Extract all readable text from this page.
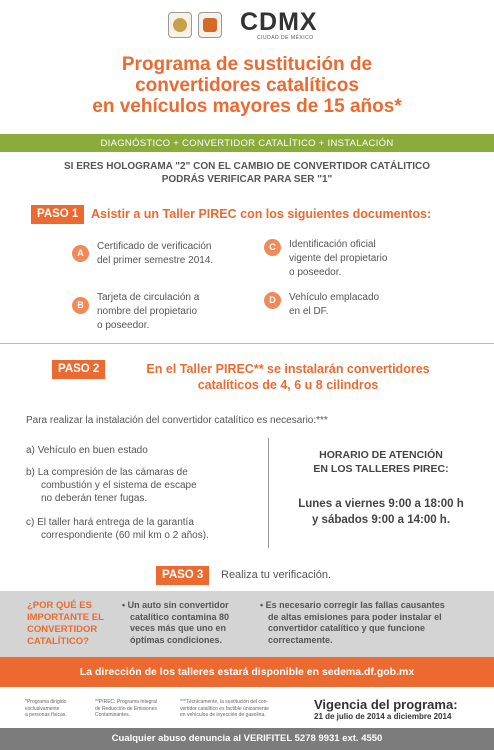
CDMX
CIUDAD DE MÉXICO
Programa de sustitución de
convertidores catalíticos
en vehículos mayores de 15 años*
DIAGNÓSTICO + CONVERTIDOR CATALÍTICO + INSTALACIÓN
SI ERES HOLOGRAMA "2" CON EL CAMBIO DE CONVERTIDOR CATÁLITICO
PODRÁS VERIFICAR PARA SER "1"
PASO 1	Asistir a un Taller PIREC con los siguientes documentos:
A
Certificado de verificación
del primer semestre 2014.
B
Tarjeta de circulación a
nombre del propietario
o poseedor.
C	Identificación oficial
vigente del propietario
o poseedor.
D	Vehículo emplacado
en el DF.
PASO 2	En el Taller PIREC** se instalarán convertidores
catalíticos de 4, 6 u 8 cilindros
Para realizar la instalación del convertidor catalítico es necesario:***
a) Vehículo en buen estado
b) La compresión de las cámaras de
combustión y el sistema de escape
no deberán tener fugas.
c) El taller hará entrega de la garantía
correspondiente (60 mil km o 2 años).
HORARIO DE ATENCIÓN
EN LOS TALLERES PIREC:
Lunes a viernes 9:00 a 18:00 h
y sábados 9:00 a 14:00 h.
PASO 3	Realiza tu verificación.
¿POR QUÉ ES
IMPORTANTE EL
CONVERTIDOR
CATALÍTICO?
• Un auto sin convertidor
catalítico contamina 80
veces más que uno en
óptimas condiciones.
• Es necesario corregir las fallas causantes
de altas emisiones para poder instalar el
convertidor catalítico y que funcione
correctamente.
La dirección de los talleres estará disponible en sedema.df.gob.mx
*Programa dirigido
exclusivamente
a personas físicas.
**PIREC: Programa Integral
de Reducción de Emisiones
Contaminantes.
***Técnicamente, la sustitución del con-
vertidor catalítico es factible únicamente
en vehículos de inyección de gasolina.
Vigencia del programa:
21 de julio de 2014 a diciembre 2014
Cualquier abuso denuncia al VERIFITEL 5278 9931 ext. 4550
